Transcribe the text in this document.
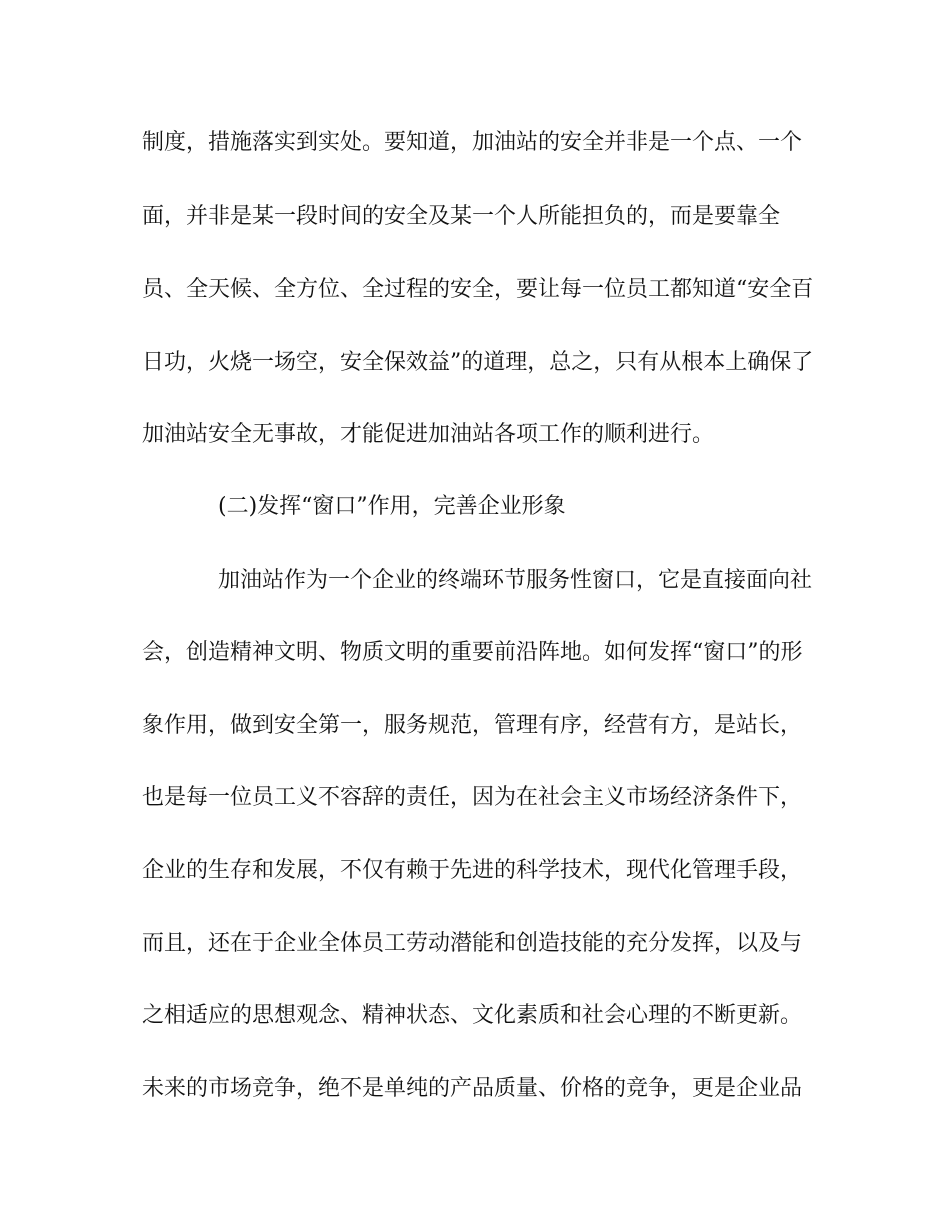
制度，措施落实到实处。要知道，加油站的安全并非是一个点、一个
面，并非是某一段时间的安全及某一个人所能担负的，而是要靠全
员、全天候、全方位、全过程的安全，要让每一位员工都知道“安全百
日功，火烧一场空，安全保效益”的道理，总之，只有从根本上确保了
加油站安全无事故，才能促进加油站各项工作的顺利进行。
(二)发挥“窗口”作用，完善企业形象
加油站作为一个企业的终端环节服务性窗口，它是直接面向社
会，创造精神文明、物质文明的重要前沿阵地。如何发挥“窗口”的形
象作用，做到安全第一，服务规范，管理有序，经营有方，是站长，
也是每一位员工义不容辞的责任，因为在社会主义市场经济条件下，
企业的生存和发展，不仅有赖于先进的科学技术，现代化管理手段，
而且，还在于企业全体员工劳动潜能和创造技能的充分发挥，以及与
之相适应的思想观念、精神状态、文化素质和社会心理的不断更新。
未来的市场竞争，绝不是单纯的产品质量、价格的竞争，更是企业品
